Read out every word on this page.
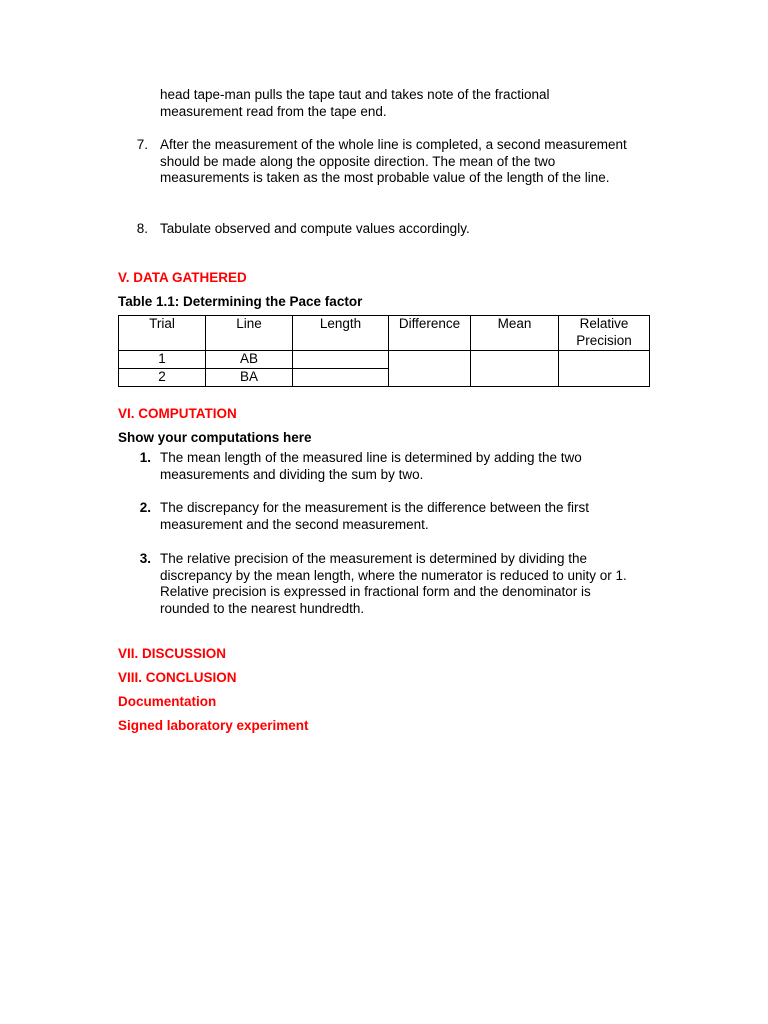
head tape-man pulls the tape taut and takes note of the fractional
measurement read from the tape end.
7. After the measurement of the whole line is completed, a second measurement
should be made along the opposite direction. The mean of the two
measurements is taken as the most probable value of the length of the line.
8. Tabulate observed and compute values accordingly.
V. DATA GATHERED
Table 1.1: Determining the Pace factor
Trial	Line	Length	Difference	Mean	Relative
Precision

1	AB				
2	BA				
VI. COMPUTATION
Show your computations here
1. The mean length of the measured line is determined by adding the two
measurements and dividing the sum by two.
2. The discrepancy for the measurement is the difference between the first
measurement and the second measurement.
3. The relative precision of the measurement is determined by dividing the
discrepancy by the mean length, where the numerator is reduced to unity or 1.
Relative precision is expressed in fractional form and the denominator is
rounded to the nearest hundredth.
VII. DISCUSSION
VIII. CONCLUSION
Documentation
Signed laboratory experiment
